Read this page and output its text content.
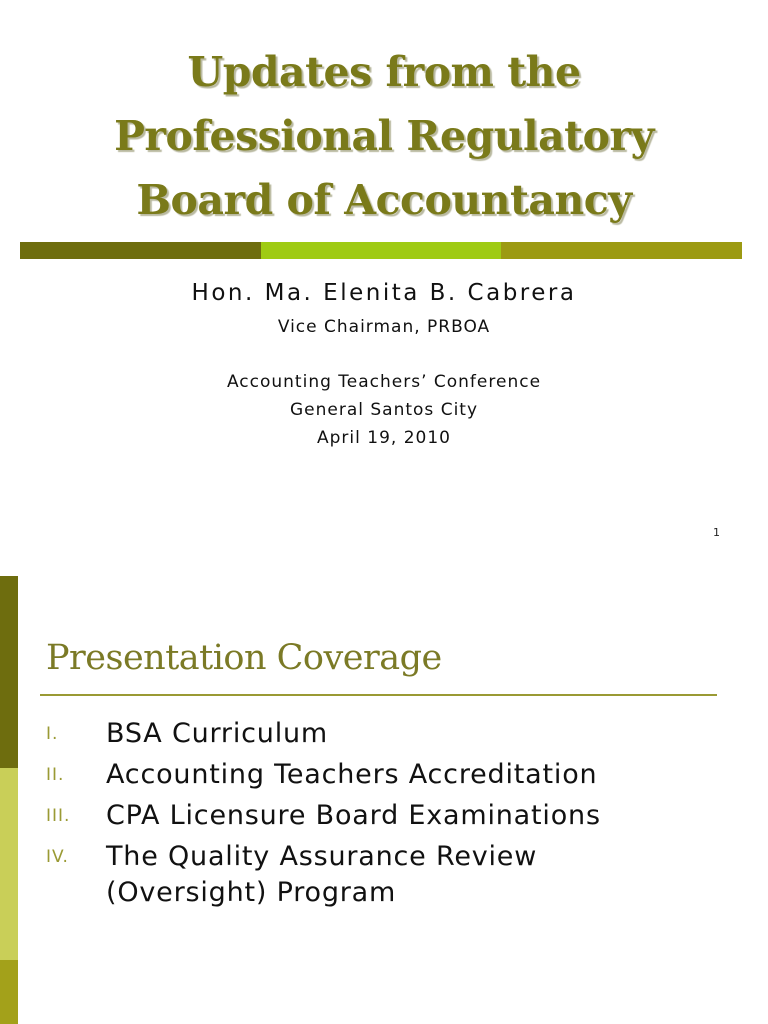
Updates from the
Professional Regulatory
Board of Accountancy
Hon. Ma. Elenita B. Cabrera
Vice Chairman, PRBOA
Accounting Teachers’ Conference
General Santos City
April 19, 2010
1
Presentation Coverage
I.	BSA Curriculum
II.	Accounting Teachers Accreditation
III.	CPA Licensure Board Examinations
IV.	The Quality Assurance Review (Oversight) Program
